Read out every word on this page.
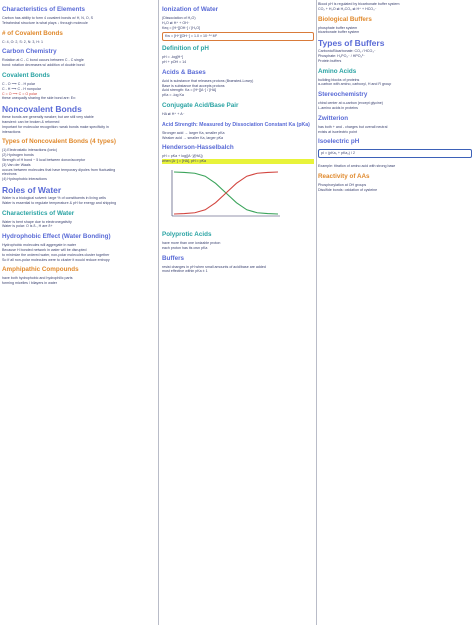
Characteristics of Elements
Carbon has ability to form 4 covalent bonds w/ H, N, O, S
Tetrahedral structure is what plays ↓ through molecule
# of Covalent Bonds
C: 4, O: 2, S: 2, N: 3, H: 1
Carbon Chemistry
Rotation at C - C bond occurs between C - C single
bond: rotation decreases w/ addition of double bond
Covalent Bonds
C - O ⟶ C - H polar
C - H ⟶ C - H nonpolar
C = O ⟶ C = O polar
these unequally sharing the side bond are: Ex:
Noncovalent Bonds
these bonds are generally weaker; but are still very stable
transient: can be broken & reformed
Important for molecular recognition: weak bonds make specificity in
interactions
Types of Noncovalent Bonds (4 types)
(1) Electrostatic interactions (ionic)
(2) Hydrogen bonds
Strength of H bond ~ 5 kcal between donor/acceptor
(3) Van der Waals
occurs between molecules that have temporary dipoles from fluctuating
electrons
(4) Hydrophobic interactions
Roles of Water
Water is a biological solvent: large % of constituents in living cells
Water is essential to regulate temperature & pH for energy and shipping
Characteristics of Water
Water is bent shape due to electronegativity
Water is polar: O is δ-, H are δ+
Hydrophobic Effect (Water Bonding)
Hydrophobic molecules will aggregate in water
Because H bonded network in water will be disrupted
to minimize the ordered water, non-polar molecules cluster together
So if all non-polar molecules were to cluster it would reduce entropy
Amphipathic Compounds
have both hydrophobic and hydrophilic parts
forming micelles / bilayers in water
Ionization of Water
(Dissociation of H₂O)
H₂O ⇌ H⁺ + OH⁻
Keq = [H⁺][OH⁻] / [H₂O]
Kw = [H⁺][OH⁻] = 1.0 × 10⁻¹⁴ M²
Definition of pH
pH = -log[H⁺]
pH + pOH = 14
Acids & Bases
Acid is substance that releases protons (Brønsted-Lowry)
Base is substance that accepts protons
Acid strength: Ka = [H⁺][A⁻] / [HA]
pKa = -log Ka
Conjugate Acid/Base Pair
HA ⇌ H⁺ + A⁻
Acid Strength: Measured by Dissociation Constant Ka (pKa)
Stronger acid → larger Ka, smaller pKa
Weaker acid → smaller Ka, larger pKa
Henderson-Hasselbalch
pH = pKa + log([A⁻]/[HA])
when [A⁻] = [HA], pH = pKa
Polyprotic Acids
have more than one ionizable proton
each proton has its own pKa
Buffers
resist changes in pH when small amounts of acid/base are added
most effective within pKa ± 1
Blood pH is regulated by bicarbonate buffer system
CO₂ + H₂O ⇌ H₂CO₃ ⇌ H⁺ + HCO₃⁻
Biological Buffers
phosphate buffer system
bicarbonate buffer system
Types of Buffers
Carbonic/Bicarbonate: CO₂ / HCO₃⁻
Phosphate: H₂PO₄⁻ / HPO₄²⁻
Protein buffers
Amino Acids
building blocks of proteins
α-carbon with amino, carboxyl, H and R group
Stereochemistry
chiral center at α-carbon (except glycine)
L-amino acids in proteins
Zwitterion
has both + and - charges but overall neutral
exists at isoelectric point
Isoelectric pH
pI = (pKa₁ + pKa₂) / 2
Example: titration of amino acid with strong base
Reactivity of AAs
Phosphorylation at OH groups
Disulfide bonds: oxidation of cysteine
